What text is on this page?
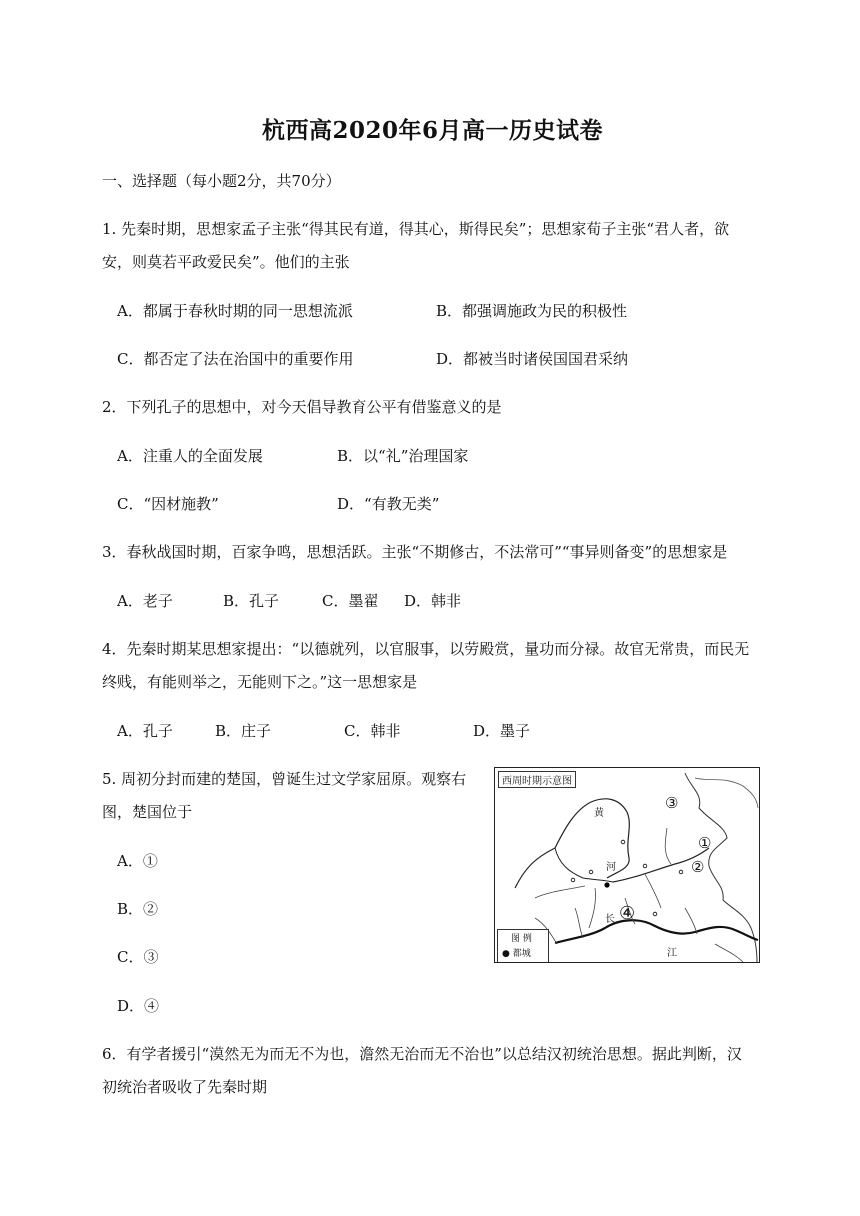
杭西高2020年6月高一历史试卷
一、选择题（每小题2分，共70分）
1. 先秦时期，思想家孟子主张“得其民有道，得其心，斯得民矣”；思想家荀子主张“君人者，欲
安，则莫若平政爱民矣”。他们的主张
A．都属于春秋时期的同一思想流派	B．都强调施政为民的积极性
C．都否定了法在治国中的重要作用	D．都被当时诸侯国国君采纳
2．下列孔子的思想中，对今天倡导教育公平有借鉴意义的是
A．注重人的全面发展	B．以“礼”治理国家
C．“因材施教”	D．“有教无类”
3．春秋战国时期，百家争鸣，思想活跃。主张“不期修古，不法常可”“事异则备变”的思想家是
A．老子	B．孔子	C．墨翟 D．韩非
4．先秦时期某思想家提出：“以德就列，以官服事，以劳殿赏，量功而分禄。故官无常贵，而民无
终贱，有能则举之，无能则下之。”这一思想家是
A．孔子	B．庄子	C．韩非	D．墨子
5. 周初分封而建的楚国，曾诞生过文学家屈原。观察右
图，楚国位于
A．①
B．②
C．③
D．④
西周时期示意图
黄
河
长
江
①
②
③
④
图 例
● 都城
6．有学者援引“漠然无为而无不为也，澹然无治而无不治也”以总结汉初统治思想。据此判断，汉
初统治者吸收了先秦时期
